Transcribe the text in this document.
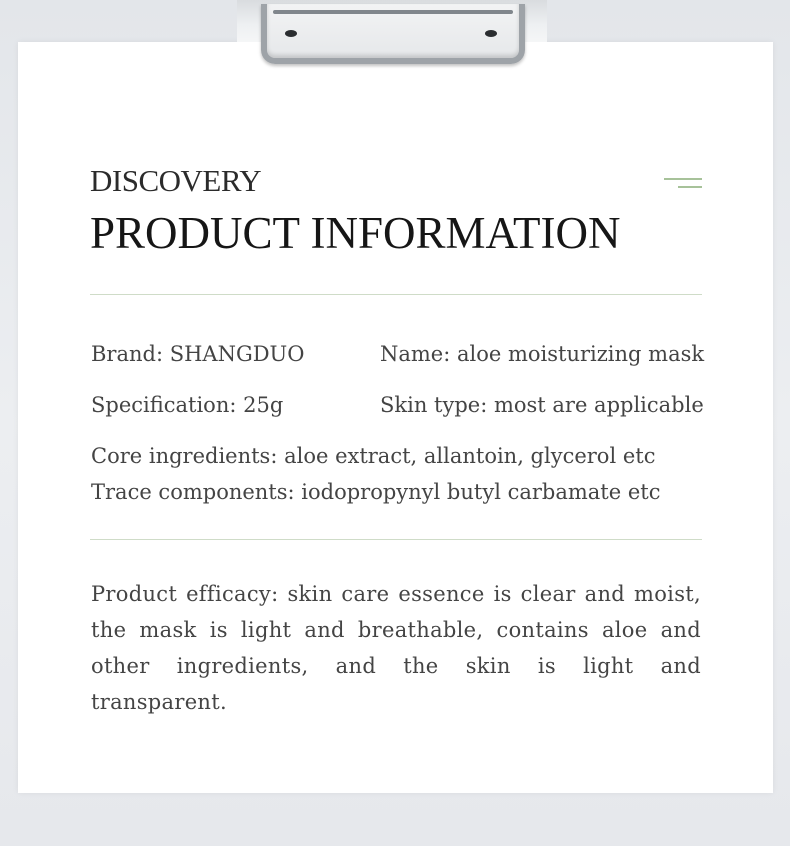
DISCOVERY
PRODUCT INFORMATION
Brand: SHANGDUO	Name: aloe moisturizing mask
Specification: 25g	Skin type: most are applicable
Core ingredients: aloe extract, allantoin, glycerol etc
Trace components: iodopropynyl butyl carbamate etc
Product efficacy: skin care essence is clear and moist, the mask is light and breathable, contains aloe and other ingredients, and the skin is light and transparent.
